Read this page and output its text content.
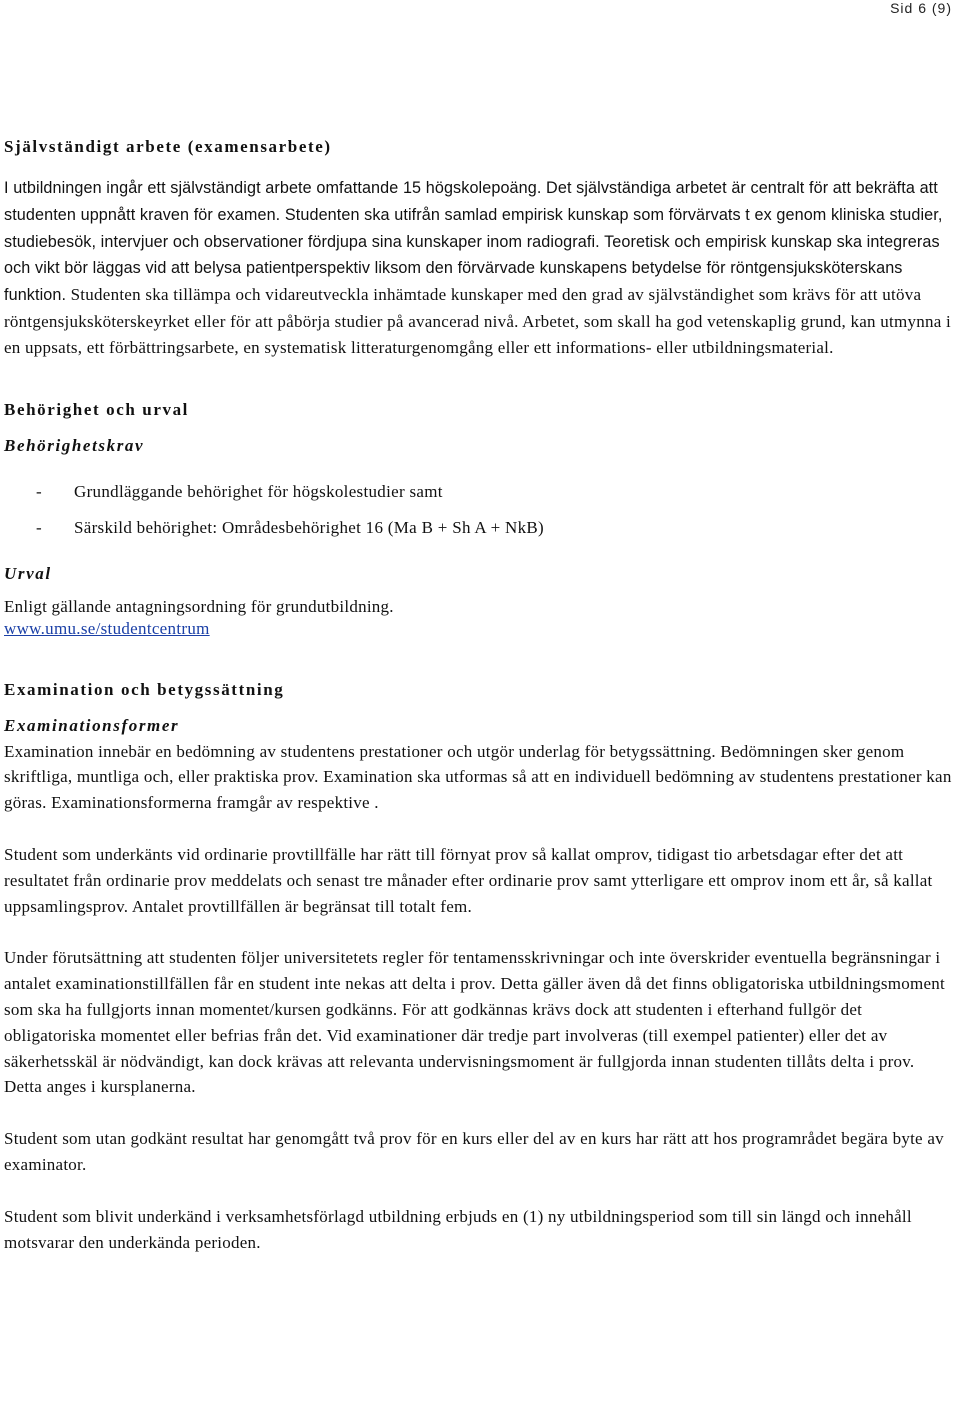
Sid 6 (9)
Självständigt arbete (examensarbete)

I utbildningen ingår ett självständigt arbete omfattande 15 högskolepoäng. Det självständiga arbetet är centralt för att bekräfta att studenten uppnått kraven för examen. Studenten ska utifrån samlad empirisk kunskap som förvärvats t ex genom kliniska studier, studiebesök, intervjuer och observationer fördjupa sina kunskaper inom radiografi. Teoretisk och empirisk kunskap ska integreras och vikt bör läggas vid att belysa patientperspektiv liksom den förvärvade kunskapens betydelse för röntgensjuksköterskans funktion. Studenten ska tillämpa och vidareutveckla inhämtade kunskaper med den grad av självständighet som krävs för att utöva röntgensjuksköterskeyrket eller för att påbörja studier på avancerad nivå. Arbetet, som skall ha god vetenskaplig grund, kan utmynna i en uppsats, ett förbättringsarbete, en systematisk litteraturgenomgång eller ett informations- eller utbildningsmaterial.

Behörighet och urval
Behörighetskrav
- Grundläggande behörighet för högskolestudier samt
- Särskild behörighet: Områdesbehörighet 16 (Ma B + Sh A + NkB)
Urval

Enligt gällande antagningsordning för grundutbildning.

www.umu.se/studentcentrum
Examination och betygssättning
Examinationsformer

Examination innebär en bedömning av studentens prestationer och utgör underlag för betygssättning. Bedömningen sker genom skriftliga, muntliga och, eller praktiska prov. Examination ska utformas så att en individuell bedömning av studentens prestationer kan göras. Examinationsformerna framgår av respektive .

Student som underkänts vid ordinarie provtillfälle har rätt till förnyat prov så kallat omprov, tidigast tio arbetsdagar efter det att resultatet från ordinarie prov meddelats och senast tre månader efter ordinarie prov samt ytterligare ett omprov inom ett år, så kallat uppsamlingsprov. Antalet provtillfällen är begränsat till totalt fem.

Under förutsättning att studenten följer universitetets regler för tentamensskrivningar och inte överskrider eventuella begränsningar i antalet examinationstillfällen får en student inte nekas att delta i prov. Detta gäller även då det finns obligatoriska utbildningsmoment som ska ha fullgjorts innan momentet/kursen godkänns. För att godkännas krävs dock att studenten i efterhand fullgör det obligatoriska momentet eller befrias från det. Vid examinationer där tredje part involveras (till exempel patienter) eller det av säkerhetsskäl är nödvändigt, kan dock krävas att relevanta undervisningsmoment är fullgjorda innan studenten tillåts delta i prov. Detta anges i kursplanerna.

Student som utan godkänt resultat har genomgått två prov för en kurs eller del av en kurs har rätt att hos programrådet begära byte av examinator.

Student som blivit underkänd i verksamhetsförlagd utbildning erbjuds en (1) ny utbildningsperiod som till sin längd och innehåll motsvarar den underkända perioden.
